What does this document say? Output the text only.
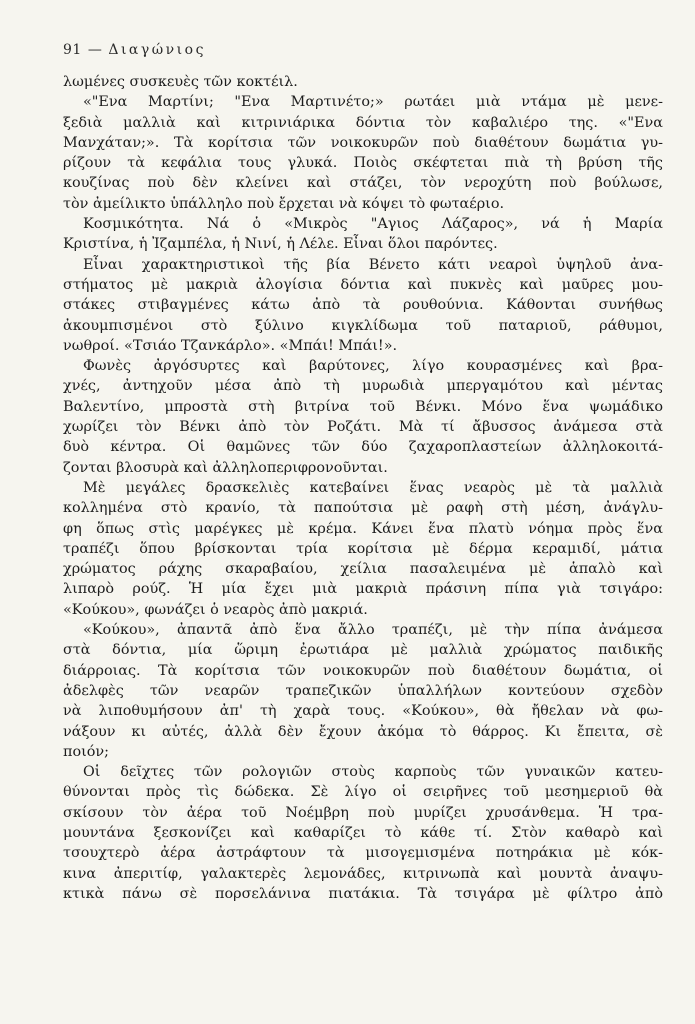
91 — Διαγώνιος
λωμένες συσκευὲς τῶν κοκτέιλ.
«"Ενα Μαρτίνι; "Ενα Μαρτινέτο;» ρωτάει μιὰ ντάμα μὲ μενε-
ξεδιὰ μαλλιὰ καὶ κιτρινιάρικα δόντια τὸν καβαλιέρο της. «"Ενα
Μανχάταν;». Τὰ κορίτσια τῶν νοικοκυρῶν ποὺ διαθέτουν δωμάτια γυ-
ρίζουν τὰ κεφάλια τους γλυκά. Ποιὸς σκέφτεται πιὰ τὴ βρύση τῆς
κουζίνας ποὺ δὲν κλείνει καὶ στάζει, τὸν νεροχύτη ποὺ βούλωσε,
τὸν ἀμείλικτο ὑπάλληλο ποὺ ἔρχεται νὰ κόψει τὸ φωταέριο.
Κοσμικότητα. Νά ὁ «Μικρὸς "Αγιος Λάζαρος», νά ἡ Μαρία
Κριστίνα, ἡ Ἰζαμπέλα, ἡ Νινί, ἡ Λέλε. Εἶναι ὅλοι παρόντες.
Εἶναι χαρακτηριστικοὶ τῆς βία Βένετο κάτι νεαροὶ ὑψηλοῦ ἀνα-
στήματος μὲ μακριὰ ἀλογίσια δόντια καὶ πυκνὲς καὶ μαῦρες μου-
στάκες στιβαγμένες κάτω ἀπὸ τὰ ρουθούνια. Κάθονται συνήθως
ἀκουμπισμένοι στὸ ξύλινο κιγκλίδωμα τοῦ παταριοῦ, ράθυμοι,
νωθροί. «Τσιάο Τζανκάρλο». «Μπάι! Μπάι!».
Φωνὲς ἀργόσυρτες καὶ βαρύτονες, λίγο κουρασμένες καὶ βρα-
χνές, ἀντηχοῦν μέσα ἀπὸ τὴ μυρωδιὰ μπεργαμότου καὶ μέντας
Βαλεντίνο, μπροστὰ στὴ βιτρίνα τοῦ Βένκι. Μόνο ἕνα ψωμάδικο
χωρίζει τὸν Βένκι ἀπὸ τὸν Ροζάτι. Μὰ τί ἄβυσσος ἀνάμεσα στὰ
δυὸ κέντρα. Οἱ θαμῶνες τῶν δύο ζαχαροπλαστείων ἀλληλοκοιτά-
ζονται βλοσυρὰ καὶ ἀλληλοπεριφρονοῦνται.
Μὲ μεγάλες δρασκελιὲς κατεβαίνει ἕνας νεαρὸς μὲ τὰ μαλλιὰ
κολλημένα στὸ κρανίο, τὰ παπούτσια μὲ ραφὴ στὴ μέση, ἀνάγλυ-
φη ὅπως στὶς μαρέγκες μὲ κρέμα. Κάνει ἕνα πλατὺ νόημα πρὸς ἕνα
τραπέζι ὅπου βρίσκονται τρία κορίτσια μὲ δέρμα κεραμιδί, μάτια
χρώματος ράχης σκαραβαίου, χείλια πασαλειμένα μὲ ἁπαλὸ καὶ
λιπαρὸ ρούζ. Ἡ μία ἔχει μιὰ μακριὰ πράσινη πίπα γιὰ τσιγάρο:
«Κούκου», φωνάζει ὁ νεαρὸς ἀπὸ μακριά.
«Κούκου», ἀπαντᾶ ἀπὸ ἕνα ἄλλο τραπέζι, μὲ τὴν πίπα ἀνάμεσα
στὰ δόντια, μία ὥριμη ἐρωτιάρα μὲ μαλλιὰ χρώματος παιδικῆς
διάρροιας. Τὰ κορίτσια τῶν νοικοκυρῶν ποὺ διαθέτουν δωμάτια, οἱ
ἀδελφὲς τῶν νεαρῶν τραπεζικῶν ὑπαλλήλων κοντεύουν σχεδὸν
νὰ λιποθυμήσουν ἀπ' τὴ χαρὰ τους. «Κούκου», θὰ ἤθελαν νὰ φω-
νάξουν κι αὐτές, ἀλλὰ δὲν ἔχουν ἀκόμα τὸ θάρρος. Κι ἔπειτα, σὲ
ποιόν;
Οἱ δεῖχτες τῶν ρολογιῶν στοὺς καρποὺς τῶν γυναικῶν κατευ-
θύνονται πρὸς τὶς δώδεκα. Σὲ λίγο οἱ σειρῆνες τοῦ μεσημεριοῦ θὰ
σκίσουν τὸν ἀέρα τοῦ Νοέμβρη ποὺ μυρίζει χρυσάνθεμα. Ἡ τρα-
μουντάνα ξεσκονίζει καὶ καθαρίζει τὸ κάθε τί. Στὸν καθαρὸ καὶ
τσουχτερὸ ἀέρα ἀστράφτουν τὰ μισογεμισμένα ποτηράκια μὲ κόκ-
κινα ἀπεριτίφ, γαλακτερὲς λεμονάδες, κιτρινωπὰ καὶ μουντὰ ἀναψυ-
κτικὰ πάνω σὲ πορσελάνινα πιατάκια. Τὰ τσιγάρα μὲ φίλτρο ἀπὸ
